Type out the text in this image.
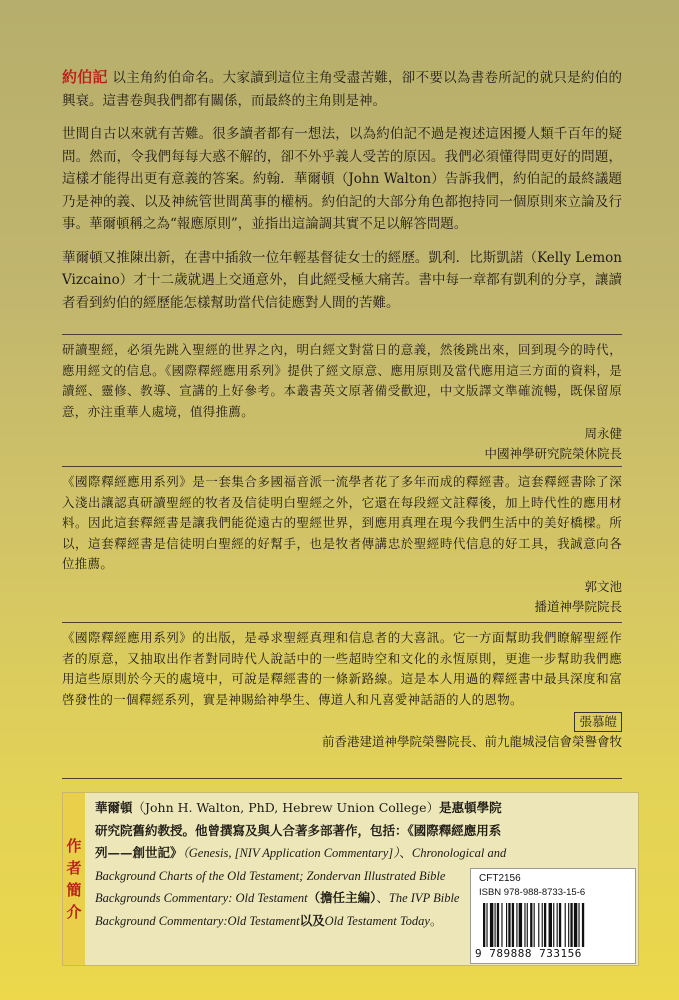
約伯記 以主角約伯命名。大家讀到這位主角受盡苦難，卻不要以為書卷所記的就只是約伯的興衰。這書卷與我們都有關係，而最終的主角則是神。

世間自古以來就有苦難。很多讀者都有一想法，以為約伯記不過是複述這困擾人類千百年的疑問。然而，令我們每每大惑不解的，卻不外乎義人受苦的原因。我們必須懂得問更好的問題，這樣才能得出更有意義的答案。約翰．華爾頓（John Walton）告訴我們，約伯記的最終議題乃是神的義、以及神統管世間萬事的權柄。約伯記的大部分角色都抱持同一個原則來立論及行事。華爾頓稱之為“報應原則”，並指出這論調其實不足以解答問題。

華爾頓又推陳出新，在書中插敘一位年輕基督徒女士的經歷。凱利．比斯凱諾（Kelly Lemon Vizcaino）才十二歲就遇上交通意外，自此經受極大痛苦。書中每一章都有凱利的分享，讓讀者看到約伯的經歷能怎樣幫助當代信徒應對人間的苦難。

研讀聖經，必須先跳入聖經的世界之內，明白經文對當日的意義，然後跳出來，回到現今的時代，應用經文的信息。《國際釋經應用系列》提供了經文原意、應用原則及當代應用這三方面的資料，是讀經、靈修、教導、宣講的上好參考。本叢書英文原著備受歡迎，中文版譯文準確流暢，既保留原意，亦注重華人處境，值得推薦。

周永健
中國神學研究院榮休院長

《國際釋經應用系列》是一套集合多國福音派一流學者花了多年而成的釋經書。這套釋經書除了深入淺出讓認真研讀聖經的牧者及信徒明白聖經之外，它還在每段經文註釋後，加上時代性的應用材料。因此這套釋經書是讓我們能從遠古的聖經世界，到應用真理在現今我們生活中的美好橋樑。所以，這套釋經書是信徒明白聖經的好幫手，也是牧者傳講忠於聖經時代信息的好工具，我誠意向各位推薦。

郭文池
播道神學院院長

《國際釋經應用系列》的出版，是尋求聖經真理和信息者的大喜訊。它一方面幫助我們瞭解聖經作者的原意，又抽取出作者對同時代人說話中的一些超時空和文化的永恆原則，更進一步幫助我們應用這些原則於今天的處境中，可說是釋經書的一條新路線。這是本人用過的釋經書中最具深度和富啓發性的一個釋經系列，實是神賜給神學生、傳道人和凡喜愛神話語的人的恩物。

張慕皚
前香港建道神學院榮譽院長、前九龍城浸信會榮譽會牧
作
者
簡
介
華爾頓（John H. Walton, PhD, Hebrew Union College）是惠頓學院研究院舊約教授。他曾撰寫及與人合著多部著作，包括：《國際釋經應用系列——創世記》（Genesis, [NIV Application Commentary]）、Chronological and Background Charts of the Old Testament; Zondervan Illustrated Bible Backgrounds Commentary: Old Testament（擔任主編）、The IVP Bible Background Commentary:Old Testament以及Old Testament Today。
CFT2156
ISBN 978-988-8733-15-6
9 789888 733156
